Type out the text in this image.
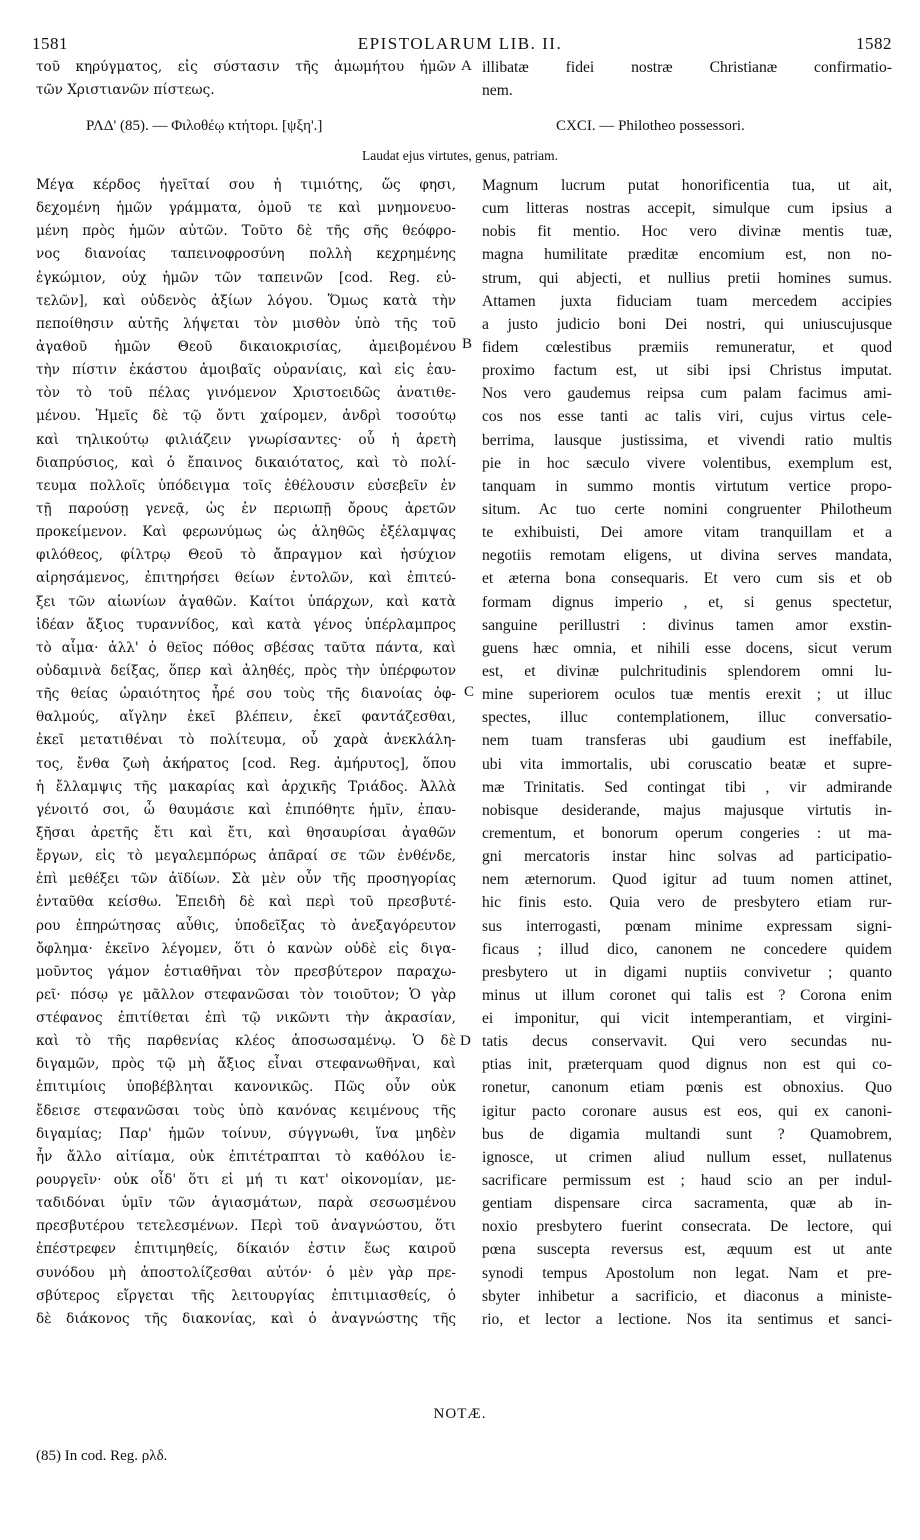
1581	EPISTOLARUM LIB. II.	1582
τοῦ κηρύγματος, εἰς σύστασιν τῆς ἀμωμήτου ἡμῶν
τῶν Χριστιανῶν πίστεως.
illibatæ fidei nostræ Christianæ confirmatio-
nem.
A
ΡΛΔ' (85). — Φιλοθέῳ κτήτορι. [ψξη'.]	CXCI. — Philotheo possessori.
Laudat ejus virtutes, genus, patriam.
Μέγα κέρδος ἡγεῖταί σου ἡ τιμιότης, ὥς φησι,
δεχομένη ἡμῶν γράμματα, ὁμοῦ τε καὶ μνημονευο-
μένη πρὸς ἡμῶν αὐτῶν. Τοῦτο δὲ τῆς σῆς θεόφρο-
νος διανοίας ταπεινοφροσύνη πολλὴ κεχρημένης
ἐγκώμιον, οὐχ ἡμῶν τῶν ταπεινῶν [cod. Reg. εὐ-
τελῶν], καὶ οὐδενὸς ἀξίων λόγου. Ὅμως κατὰ τὴν
πεποίθησιν αὐτῆς λήψεται τὸν μισθὸν ὑπὸ τῆς τοῦ
ἀγαθοῦ ἡμῶν Θεοῦ δικαιοκρισίας, ἀμειβομένου
τὴν πίστιν ἑκάστου ἀμοιβαῖς οὐρανίαις, καὶ εἰς ἑαυ-
τὸν τὸ τοῦ πέλας γινόμενον Χριστοειδῶς ἀνατιθε-
μένου. Ἡμεῖς δὲ τῷ ὄντι χαίρομεν, ἀνδρὶ τοσούτῳ
καὶ τηλικούτῳ φιλιάζειν γνωρίσαντες· οὗ ἡ ἀρετὴ
διαπρύσιος, καὶ ὁ ἔπαινος δικαιότατος, καὶ τὸ πολί-
τευμα πολλοῖς ὑπόδειγμα τοῖς ἐθέλουσιν εὐσεβεῖν ἐν
τῇ παρούσῃ γενεᾷ, ὡς ἐν περιωπῇ ὄρους ἀρετῶν
προκείμενον. Καὶ φερωνύμως ὡς ἀληθῶς ἐξέλαμψας
φιλόθεος, φίλτρῳ Θεοῦ τὸ ἄπραγμον καὶ ἡσύχιον
αἱρησάμενος, ἐπιτηρήσει θείων ἐντολῶν, καὶ ἐπιτεύ-
ξει τῶν αἰωνίων ἀγαθῶν. Καίτοι ὑπάρχων, καὶ κατὰ
ἰδέαν ἄξιος τυραννίδος, καὶ κατὰ γένος ὑπέρλαμπρος
τὸ αἷμα· ἀλλ' ὁ θεῖος πόθος σβέσας ταῦτα πάντα, καὶ
οὐδαμινὰ δείξας, ὅπερ καὶ ἀληθές, πρὸς τὴν ὑπέρφωτον
τῆς θείας ὡραιότητος ἦρέ σου τοὺς τῆς διανοίας ὀφ-
θαλμούς, αἴγλην ἐκεῖ βλέπειν, ἐκεῖ φαντάζεσθαι,
ἐκεῖ μετατιθέναι τὸ πολίτευμα, οὗ χαρὰ ἀνεκλάλη-
τος, ἔνθα ζωὴ ἀκήρατος [cod. Reg. ἀμήρυτος], ὅπου
ἡ ἔλλαμψις τῆς μακαρίας καὶ ἀρχικῆς Τριάδος. Ἀλλὰ
γένοιτό σοι, ὦ θαυμάσιε καὶ ἐπιπόθητε ἡμῖν, ἐπαυ-
ξῆσαι ἀρετῆς ἔτι καὶ ἔτι, καὶ θησαυρίσαι ἀγαθῶν
ἔργων, εἰς τὸ μεγαλεμπόρως ἀπᾶραί σε τῶν ἐνθένδε,
ἐπὶ μεθέξει τῶν ἀϊδίων. Σὰ μὲν οὖν τῆς προσηγορίας
ἐνταῦθα κείσθω. Ἐπειδὴ δὲ καὶ περὶ τοῦ πρεσβυτέ-
ρου ἐπηρώτησας αὖθις, ὑποδεῖξας τὸ ἀνεξαγόρευτον
ὄφλημα· ἐκεῖνο λέγομεν, ὅτι ὁ κανὼν οὐδὲ εἰς διγα-
μοῦντος γάμον ἑστιαθῆναι τὸν πρεσβύτερον παραχω-
ρεῖ· πόσῳ γε μᾶλλον στεφανῶσαι τὸν τοιοῦτον; Ὁ γὰρ
στέφανος ἐπιτίθεται ἐπὶ τῷ νικῶντι τὴν ἀκρασίαν,
καὶ τὸ τῆς παρθενίας κλέος ἀποσωσαμένῳ. Ὁ δὲ
διγαμῶν, πρὸς τῷ μὴ ἄξιος εἶναι στεφανωθῆναι, καὶ
ἐπιτιμίοις ὑποβέβληται κανονικῶς. Πῶς οὖν οὐκ
ἔδεισε στεφανῶσαι τοὺς ὑπὸ κανόνας κειμένους τῆς
διγαμίας; Παρ' ἡμῶν τοίνυν, σύγγνωθι, ἵνα μηδὲν
ἦν ἄλλο αἰτίαμα, οὐκ ἐπιτέτραπται τὸ καθόλου ἱε-
ρουργεῖν· οὐκ οἶδ' ὅτι εἰ μή τι κατ' οἰκονομίαν, με-
ταδιδόναι ὑμῖν τῶν ἁγιασμάτων, παρὰ σεσωσμένου
πρεσβυτέρου τετελεσμένων. Περὶ τοῦ ἀναγνώστου, ὅτι
ἐπέστρεφεν ἐπιτιμηθείς, δίκαιόν ἐστιν ἕως καιροῦ
συνόδου μὴ ἀποστολίζεσθαι αὐτόν· ὁ μὲν γὰρ πρε-
σβύτερος εἴργεται τῆς λειτουργίας ἐπιτιμιασθείς, ὁ
δὲ διάκονος τῆς διακονίας, καὶ ὁ ἀναγνώστης τῆς
Magnum lucrum putat honorificentia tua, ut ait,
cum litteras nostras accepit, simulque cum ipsius a
nobis fit mentio. Hoc vero divinæ mentis tuæ,
magna humilitate præditæ encomium est, non no-
strum, qui abjecti, et nullius pretii homines sumus.
Attamen juxta fiduciam tuam mercedem accipies
a justo judicio boni Dei nostri, qui uniuscujusque
fidem cœlestibus præmiis remuneratur, et quod
proximo factum est, ut sibi ipsi Christus imputat.
Nos vero gaudemus reipsa cum palam facimus ami-
cos nos esse tanti ac talis viri, cujus virtus cele-
berrima, lausque justissima, et vivendi ratio multis
pie in hoc sæculo vivere volentibus, exemplum est,
tanquam in summo montis virtutum vertice propo-
situm. Ac tuo certe nomini congruenter Philotheum
te exhibuisti, Dei amore vitam tranquillam et a
negotiis remotam eligens, ut divina serves mandata,
et æterna bona consequaris. Et vero cum sis et ob
formam dignus imperio , et, si genus spectetur,
sanguine perillustri : divinus tamen amor exstin-
guens hæc omnia, et nihili esse docens, sicut verum
est, et divinæ pulchritudinis splendorem omni lu-
mine superiorem oculos tuæ mentis erexit ; ut illuc
spectes, illuc contemplationem, illuc conversatio-
nem tuam transferas ubi gaudium est ineffabile,
ubi vita immortalis, ubi coruscatio beatæ et supre-
mæ Trinitatis. Sed contingat tibi , vir admirande
nobisque desiderande, majus majusque virtutis in-
crementum, et bonorum operum congeries : ut ma-
gni mercatoris instar hinc solvas ad participatio-
nem æternorum. Quod igitur ad tuum nomen attinet,
hic finis esto. Quia vero de presbytero etiam rur-
sus interrogasti, pœnam minime expressam signi-
ficaus ; illud dico, canonem ne concedere quidem
presbytero ut in digami nuptiis convivetur ; quanto
minus ut illum coronet qui talis est ? Corona enim
ei imponitur, qui vicit intemperantiam, et virgini-
tatis decus conservavit. Qui vero secundas nu-
ptias init, præterquam quod dignus non est qui co-
ronetur, canonum etiam pœnis est obnoxius. Quo
igitur pacto coronare ausus est eos, qui ex canoni-
bus de digamia multandi sunt ? Quamobrem,
ignosce, ut crimen aliud nullum esset, nullatenus
sacrificare permissum est ; haud scio an per indul-
gentiam dispensare circa sacramenta, quæ ab in-
noxio presbytero fuerint consecrata. De lectore, qui
pœna suscepta reversus est, æquum est ut ante
synodi tempus Apostolum non legat. Nam et pre-
sbyter inhibetur a sacrificio, et diaconus a ministe-
rio, et lector a lectione. Nos ita sentimus et sanci-
B
C
D
NOTÆ.
(85) In cod. Reg. ρλδ.
